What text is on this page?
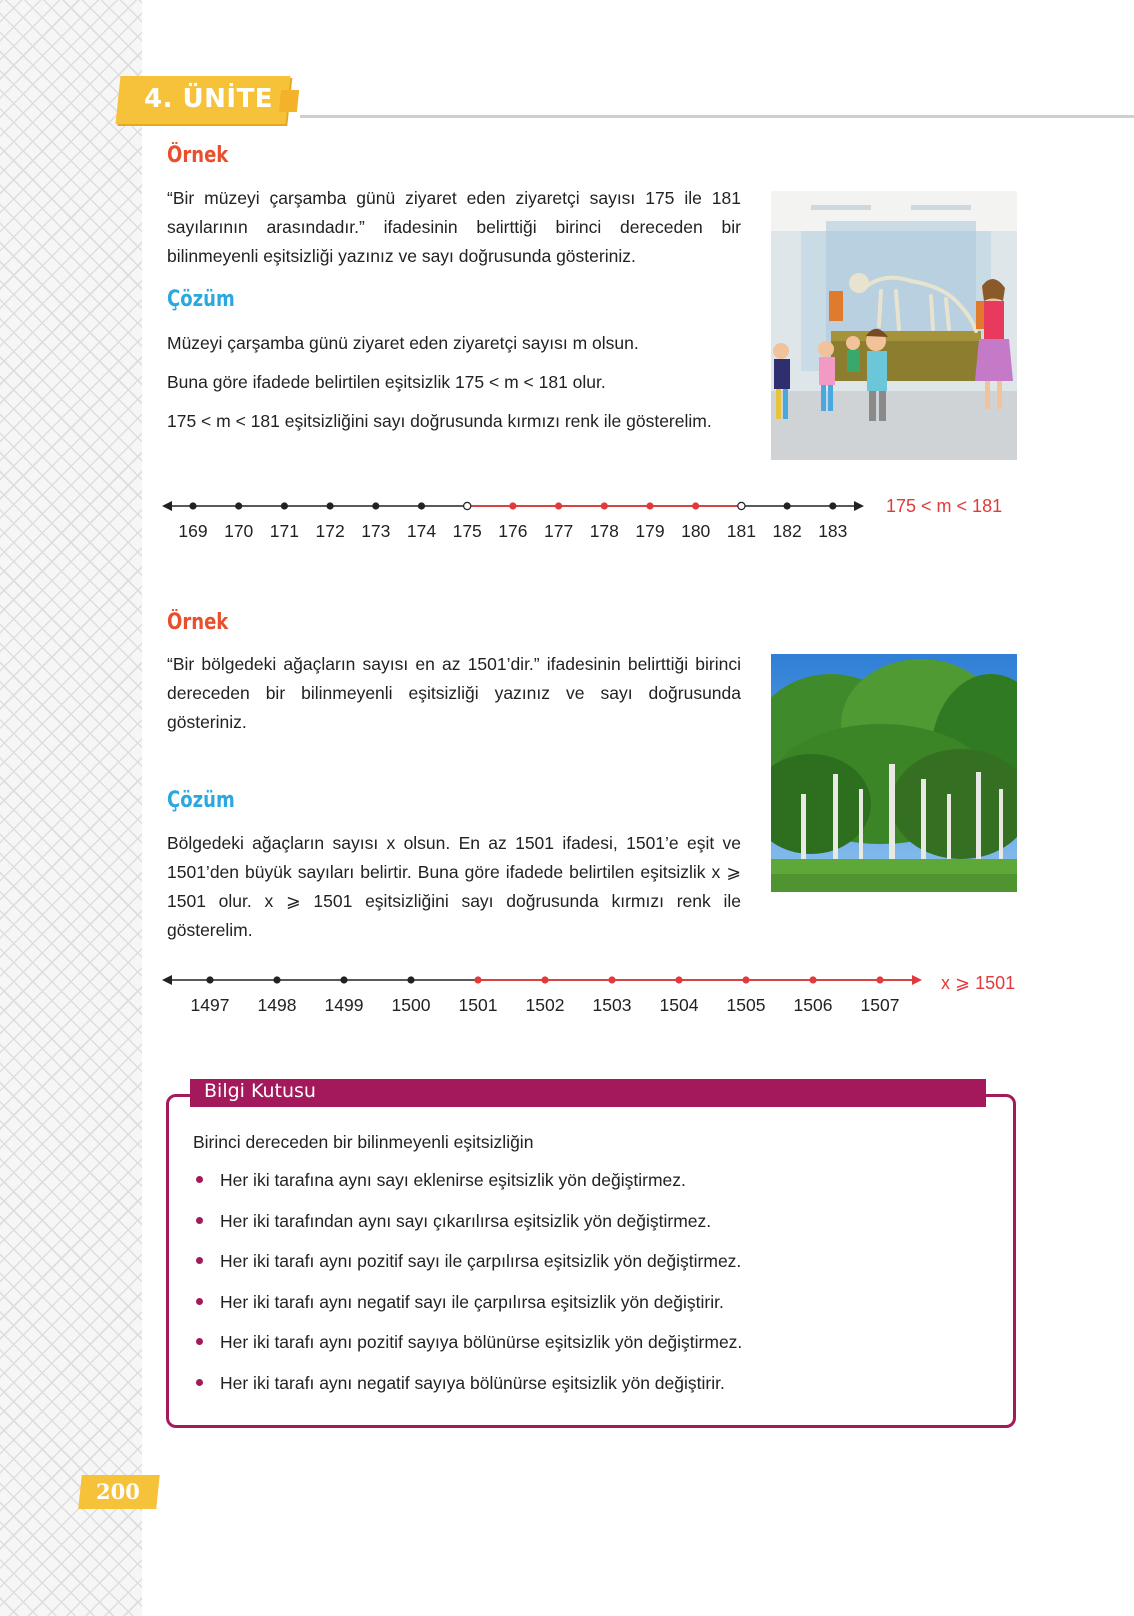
4. ÜNİTE
Örnek

“Bir müzeyi çarşamba günü ziyaret eden ziyaretçi sayısı 175 ile 181 sayılarının arasındadır.” ifadesinin belirttiği birinci dereceden bir bilinmeyenli eşitsizliği yazınız ve sayı doğrusunda gösteriniz.

Çözüm

Müzeyi çarşamba günü ziyaret eden ziyaretçi sayısı m olsun.

Buna göre ifadede belirtilen eşitsizlik 175 < m < 181 olur.

175 < m < 181 eşitsizliğini sayı doğrusunda kırmızı renk ile gösterelim.

169 170 171 172 173 174 175 176 177 178 179 180 181 182 183
175 < m < 181
Örnek

“Bir bölgedeki ağaçların sayısı en az 1501’dir.” ifadesinin belirttiği birinci dereceden bir bilinmeyenli eşitsizliği yazınız ve sayı doğrusunda gösteriniz.

Çözüm

Bölgedeki ağaçların sayısı x olsun. En az 1501 ifadesi, 1501’e eşit ve 1501’den büyük sayıları belirtir. Buna göre ifadede belirtilen eşitsizlik x ⩾ 1501 olur. x ⩾ 1501 eşitsizliğini sayı doğrusunda kırmızı renk ile gösterelim.

1497 1498 1499 1500 1501 1502 1503 1504 1505 1506 1507
x ⩾ 1501
Bilgi Kutusu
Birinci dereceden bir bilinmeyenli eşitsizliğin
Her iki tarafına aynı sayı eklenirse eşitsizlik yön değiştirmez.
Her iki tarafından aynı sayı çıkarılırsa eşitsizlik yön değiştirmez.
Her iki tarafı aynı pozitif sayı ile çarpılırsa eşitsizlik yön değiştirmez.
Her iki tarafı aynı negatif sayı ile çarpılırsa eşitsizlik yön değiştirir.
Her iki tarafı aynı pozitif sayıya bölünürse eşitsizlik yön değiştirmez.
Her iki tarafı aynı negatif sayıya bölünürse eşitsizlik yön değiştirir.
200
